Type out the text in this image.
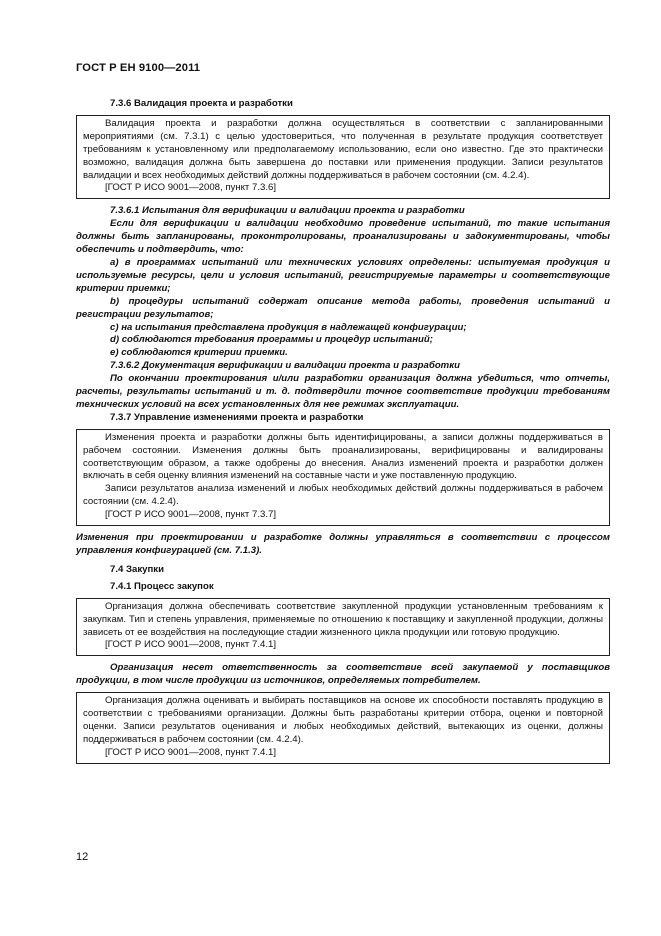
ГОСТ Р ЕН 9100—2011

7.3.6 Валидация проекта и разработки

Валидация проекта и разработки должна осуществляться в соответствии с запланированными мероприятиями (см. 7.3.1) с целью удостовериться, что полученная в результате продукция соответствует требованиям к установленному или предполагаемому использованию, если оно известно. Где это практически возможно, валидация должна быть завершена до поставки или применения продукции. Записи результатов валидации и всех необходимых действий должны поддерживаться в рабочем состоянии (см. 4.2.4).

[ГОСТ Р ИСО 9001—2008, пункт 7.3.6]

7.3.6.1 Испытания для верификации и валидации проекта и разработки

Если для верификации и валидации необходимо проведение испытаний, то такие испытания должны быть запланированы, проконтролированы, проанализированы и задокументированы, чтобы обеспечить и подтвердить, что:

a) в программах испытаний или технических условиях определены: испытуемая продукция и используемые ресурсы, цели и условия испытаний, регистрируемые параметры и соответствующие критерии приемки;

b) процедуры испытаний содержат описание метода работы, проведения испытаний и регистрации результатов;

c) на испытания представлена продукция в надлежащей конфигурации;

d) соблюдаются требования программы и процедур испытаний;

e) соблюдаются критерии приемки.

7.3.6.2 Документация верификации и валидации проекта и разработки

По окончании проектирования и/или разработки организация должна убедиться, что отчеты, расчеты, результаты испытаний и т. д. подтвердили точное соответствие продукции требованиям технических условий на всех установленных для нее режимах эксплуатации.

7.3.7 Управление изменениями проекта и разработки

Изменения проекта и разработки должны быть идентифицированы, а записи должны поддерживаться в рабочем состоянии. Изменения должны быть проанализированы, верифицированы и валидированы соответствующим образом, а также одобрены до внесения. Анализ изменений проекта и разработки должен включать в себя оценку влияния изменений на составные части и уже поставленную продукцию.

Записи результатов анализа изменений и любых необходимых действий должны поддерживаться в рабочем состоянии (см. 4.2.4).

[ГОСТ Р ИСО 9001—2008, пункт 7.3.7]

Изменения при проектировании и разработке должны управляться в соответствии с процессом управления конфигурацией (см. 7.1.3).

7.4 Закупки

7.4.1 Процесс закупок

Организация должна обеспечивать соответствие закупленной продукции установленным требованиям к закупкам. Тип и степень управления, применяемые по отношению к поставщику и закупленной продукции, должны зависеть от ее воздействия на последующие стадии жизненного цикла продукции или готовую продукцию.

[ГОСТ Р ИСО 9001—2008, пункт 7.4.1]

Организация несет ответственность за соответствие всей закупаемой у поставщиков продукции, в том числе продукции из источников, определяемых потребителем.

Организация должна оценивать и выбирать поставщиков на основе их способности поставлять продукцию в соответствии с требованиями организации. Должны быть разработаны критерии отбора, оценки и повторной оценки. Записи результатов оценивания и любых необходимых действий, вытекающих из оценки, должны поддерживаться в рабочем состоянии (см. 4.2.4).

[ГОСТ Р ИСО 9001—2008, пункт 7.4.1]

12
